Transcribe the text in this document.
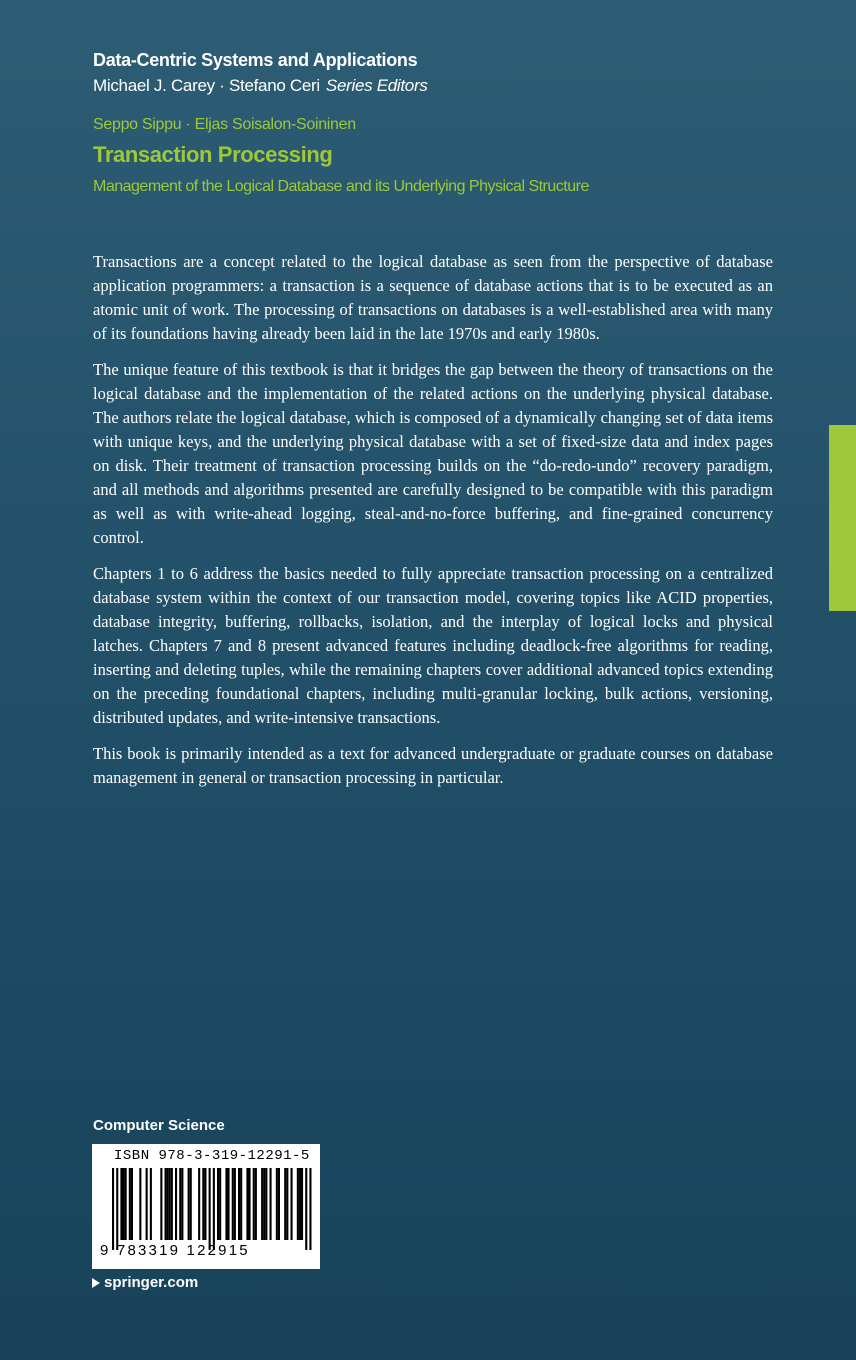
Data-Centric Systems and Applications
Michael J. Carey · Stefano Ceri Series Editors
Seppo Sippu · Eljas Soisalon-Soininen
Transaction Processing
Management of the Logical Database and its Underlying Physical Structure

Transactions are a concept related to the logical database as seen from the perspective of database application programmers: a transaction is a sequence of database actions that is to be executed as an atomic unit of work. The processing of transactions on databases is a well-established area with many of its foundations having already been laid in the late 1970s and early 1980s.

The unique feature of this textbook is that it bridges the gap between the theory of transactions on the logical database and the implementation of the related actions on the underlying physical database. The authors relate the logical database, which is composed of a dynamically changing set of data items with unique keys, and the underlying physical database with a set of fixed-size data and index pages on disk. Their treatment of transaction processing builds on the “do-redo-undo” recovery paradigm, and all methods and algorithms presented are carefully designed to be compatible with this paradigm as well as with write-ahead logging, steal-and-no-force buffering, and fine-grained concurrency control.

Chapters 1 to 6 address the basics needed to fully appreciate transaction processing on a centralized database system within the context of our transaction model, covering topics like ACID properties, database integrity, buffering, rollbacks, isolation, and the interplay of logical locks and physical latches. Chapters 7 and 8 present advanced features including deadlock-free algorithms for reading, inserting and deleting tuples, while the remaining chapters cover additional advanced topics extending on the preceding foundational chapters, including multi-granular locking, bulk actions, versioning, distributed updates, and write-intensive transactions.

This book is primarily intended as a text for advanced undergraduate or graduate courses on database management in general or transaction processing in particular.

Computer Science
ISBN 978-3-319-12291-5
9 783319 122915
springer.com
